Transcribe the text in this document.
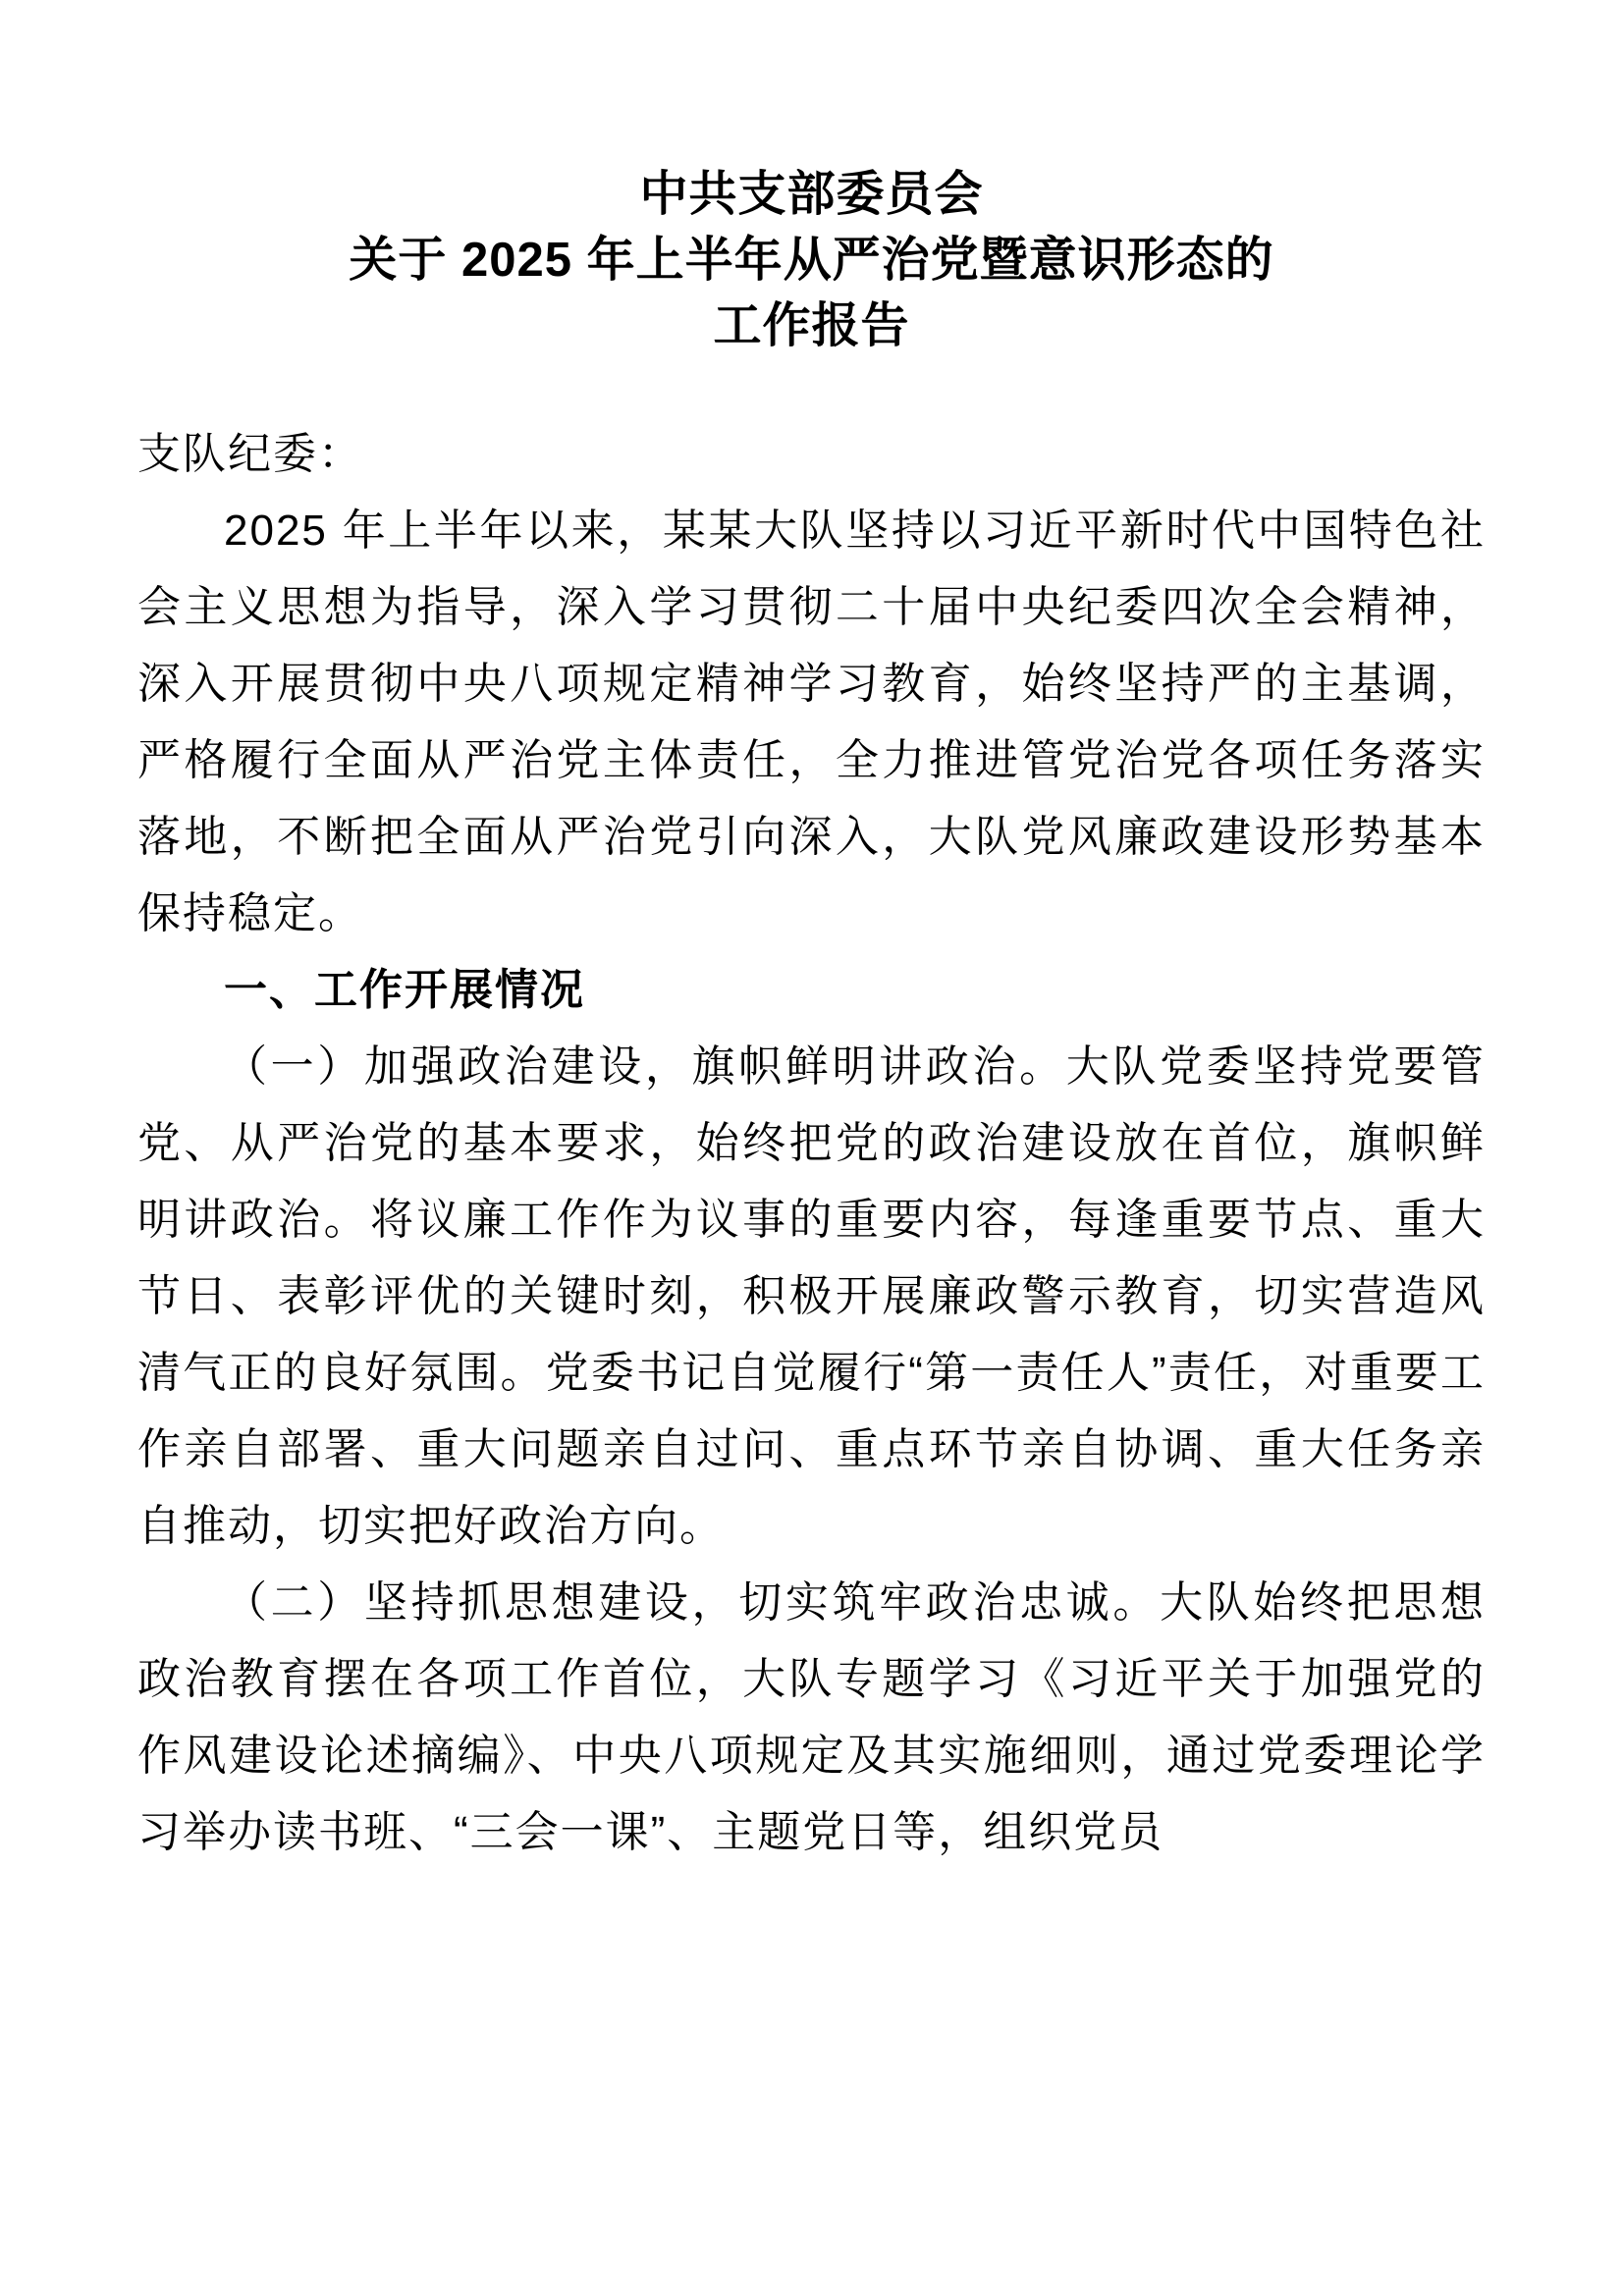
中共支部委员会
关于 2025 年上半年从严治党暨意识形态的
工作报告

支队纪委：

2025 年上半年以来，某某大队坚持以习近平新时代中国特色社会主义思想为指导，深入学习贯彻二十届中央纪委四次全会精神，深入开展贯彻中央八项规定精神学习教育，始终坚持严的主基调，严格履行全面从严治党主体责任，全力推进管党治党各项任务落实落地，不断把全面从严治党引向深入，大队党风廉政建设形势基本保持稳定。

一、工作开展情况

（一）加强政治建设，旗帜鲜明讲政治。大队党委坚持党要管党、从严治党的基本要求，始终把党的政治建设放在首位，旗帜鲜明讲政治。将议廉工作作为议事的重要内容，每逢重要节点、重大节日、表彰评优的关键时刻，积极开展廉政警示教育，切实营造风清气正的良好氛围。党委书记自觉履行“第一责任人”责任，对重要工作亲自部署、重大问题亲自过问、重点环节亲自协调、重大任务亲自推动，切实把好政治方向。

（二）坚持抓思想建设，切实筑牢政治忠诚。大队始终把思想政治教育摆在各项工作首位，大队专题学习《习近平关于加强党的作风建设论述摘编》、中央八项规定及其实施细则，通过党委理论学习举办读书班、“三会一课”、主题党日等，组织党员
